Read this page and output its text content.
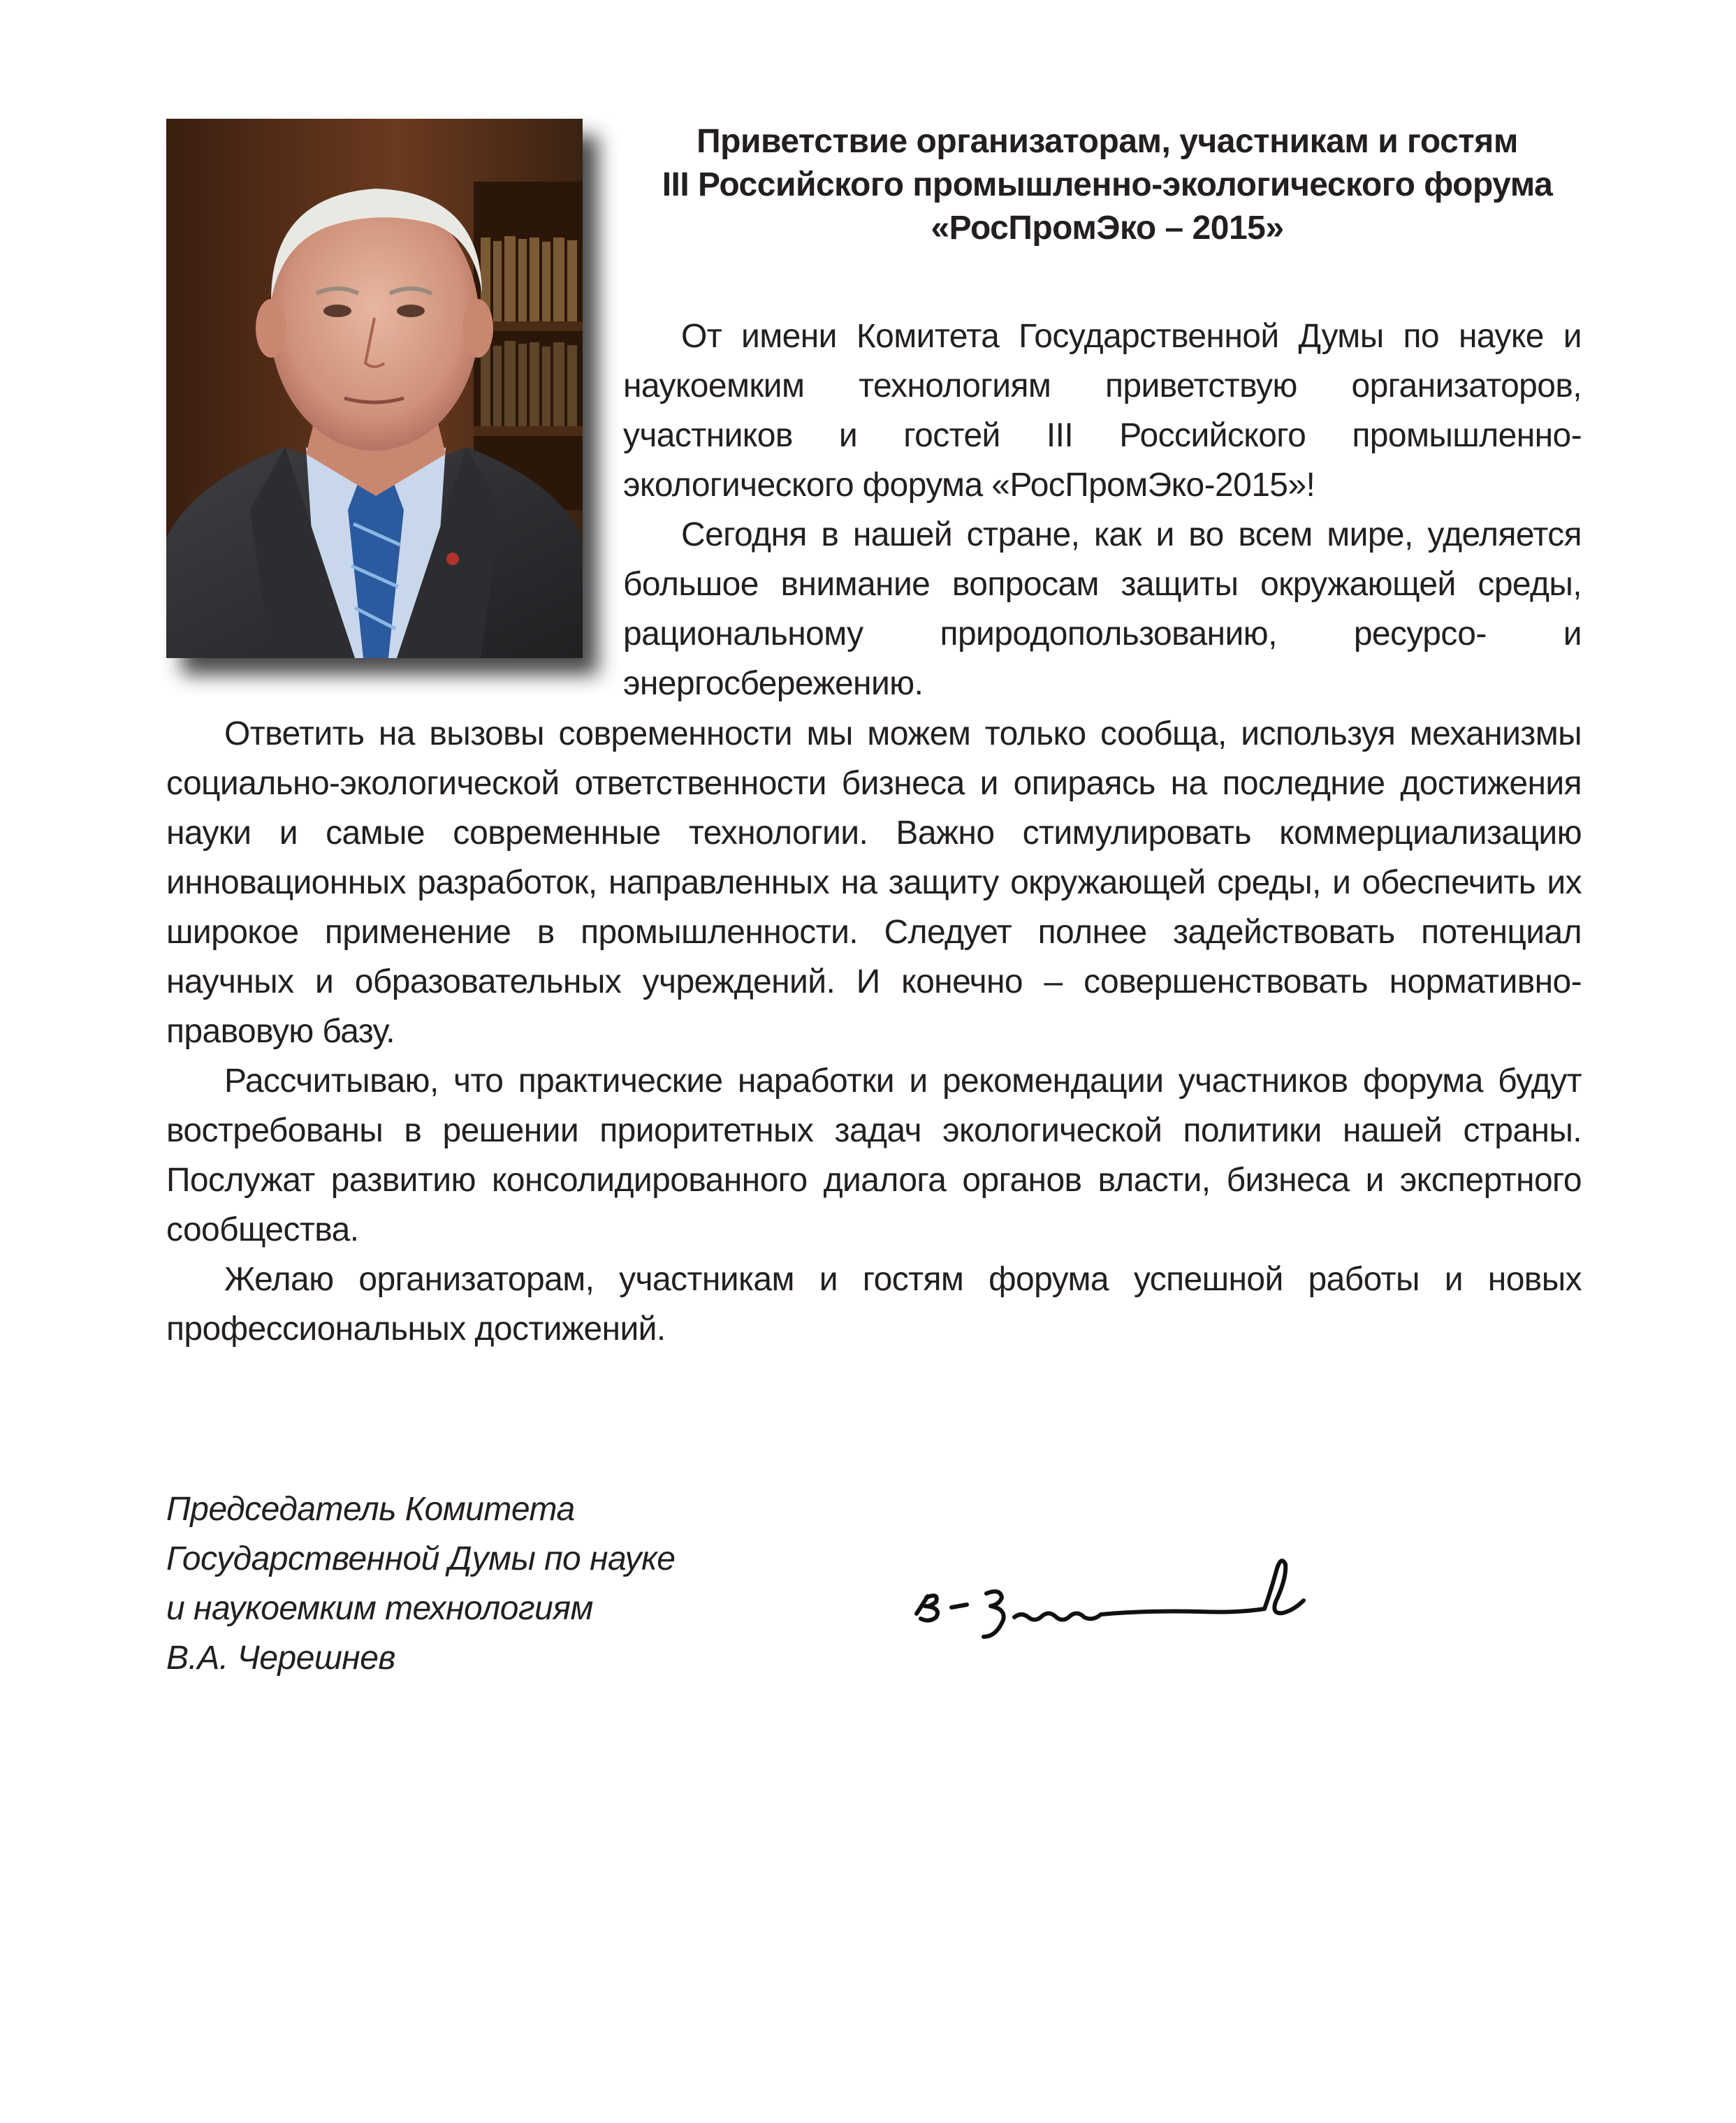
Приветствие организаторам, участникам и гостям
III Российского промышленно-экологического форума
«РосПромЭко – 2015»

От имени Комитета Государственной Думы по науке и наукоемким технологиям приветствую организаторов, участников и гостей III Российского промышленно-экологического форума «РосПромЭко-2015»!

Сегодня в нашей стране, как и во всем мире, уделяется большое внимание вопросам защиты окружающей среды, рациональному природопользованию, ресурсо- и энергосбережению.

Ответить на вызовы современности мы можем только сообща, используя механизмы социально-экологической ответственности бизнеса и опираясь на последние достижения науки и самые современные технологии. Важно стимулировать коммерциализацию инновационных разработок, направленных на защиту окружающей среды, и обеспечить их широкое применение в промышленности. Следует полнее задействовать потенциал научных и образовательных учреждений. И конечно – совершенствовать нормативно-правовую базу.

Рассчитываю, что практические наработки и рекомендации участников форума будут востребованы в решении приоритетных задач экологической политики нашей страны. Послужат развитию консолидированного диалога органов власти, бизнеса и экспертного сообщества.

Желаю организаторам, участникам и гостям форума успешной работы и новых профессиональных достижений.

Председатель Комитета
Государственной Думы по науке
и наукоемким технологиям
В.А. Черешнев
